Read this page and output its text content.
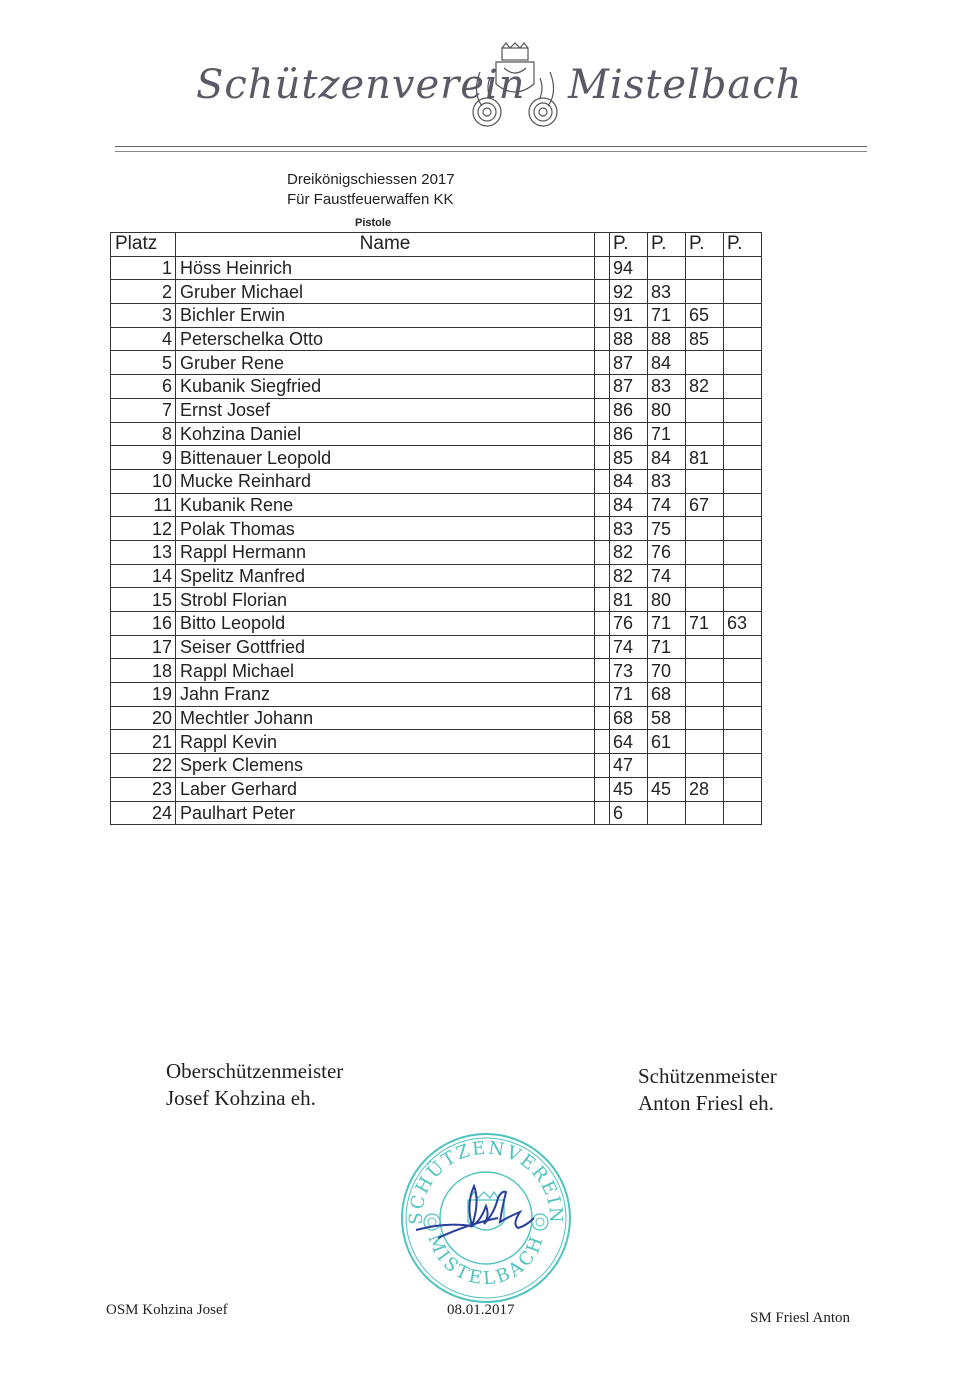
Schützenverein Mistelbach
Dreikönigschiessen 2017
Für Faustfeuerwaffen KK
Pistole
Platz	Name		P.	P.	P.	P.
1	Höss Heinrich		94			
2	Gruber Michael		92	83		
3	Bichler Erwin		91	71	65	
4	Peterschelka Otto		88	88	85	
5	Gruber Rene		87	84		
6	Kubanik Siegfried		87	83	82	
7	Ernst Josef		86	80		
8	Kohzina Daniel		86	71		
9	Bittenauer Leopold		85	84	81	
10	Mucke Reinhard		84	83		
11	Kubanik Rene		84	74	67	
12	Polak Thomas		83	75		
13	Rappl Hermann		82	76		
14	Spelitz Manfred		82	74		
15	Strobl Florian		81	80		
16	Bitto Leopold		76	71	71	63
17	Seiser Gottfried		74	71		
18	Rappl Michael		73	70		
19	Jahn Franz		71	68		
20	Mechtler Johann		68	58		
21	Rappl Kevin		64	61		
22	Sperk Clemens		47			
23	Laber Gerhard		45	45	28	
24	Paulhart Peter		6			
Oberschützenmeister
Josef Kohzina eh.
Schützenmeister
Anton Friesl eh.
SCHÜTZENVEREIN
MISTELBACH
OSM Kohzina Josef	08.01.2017	SM Friesl Anton
